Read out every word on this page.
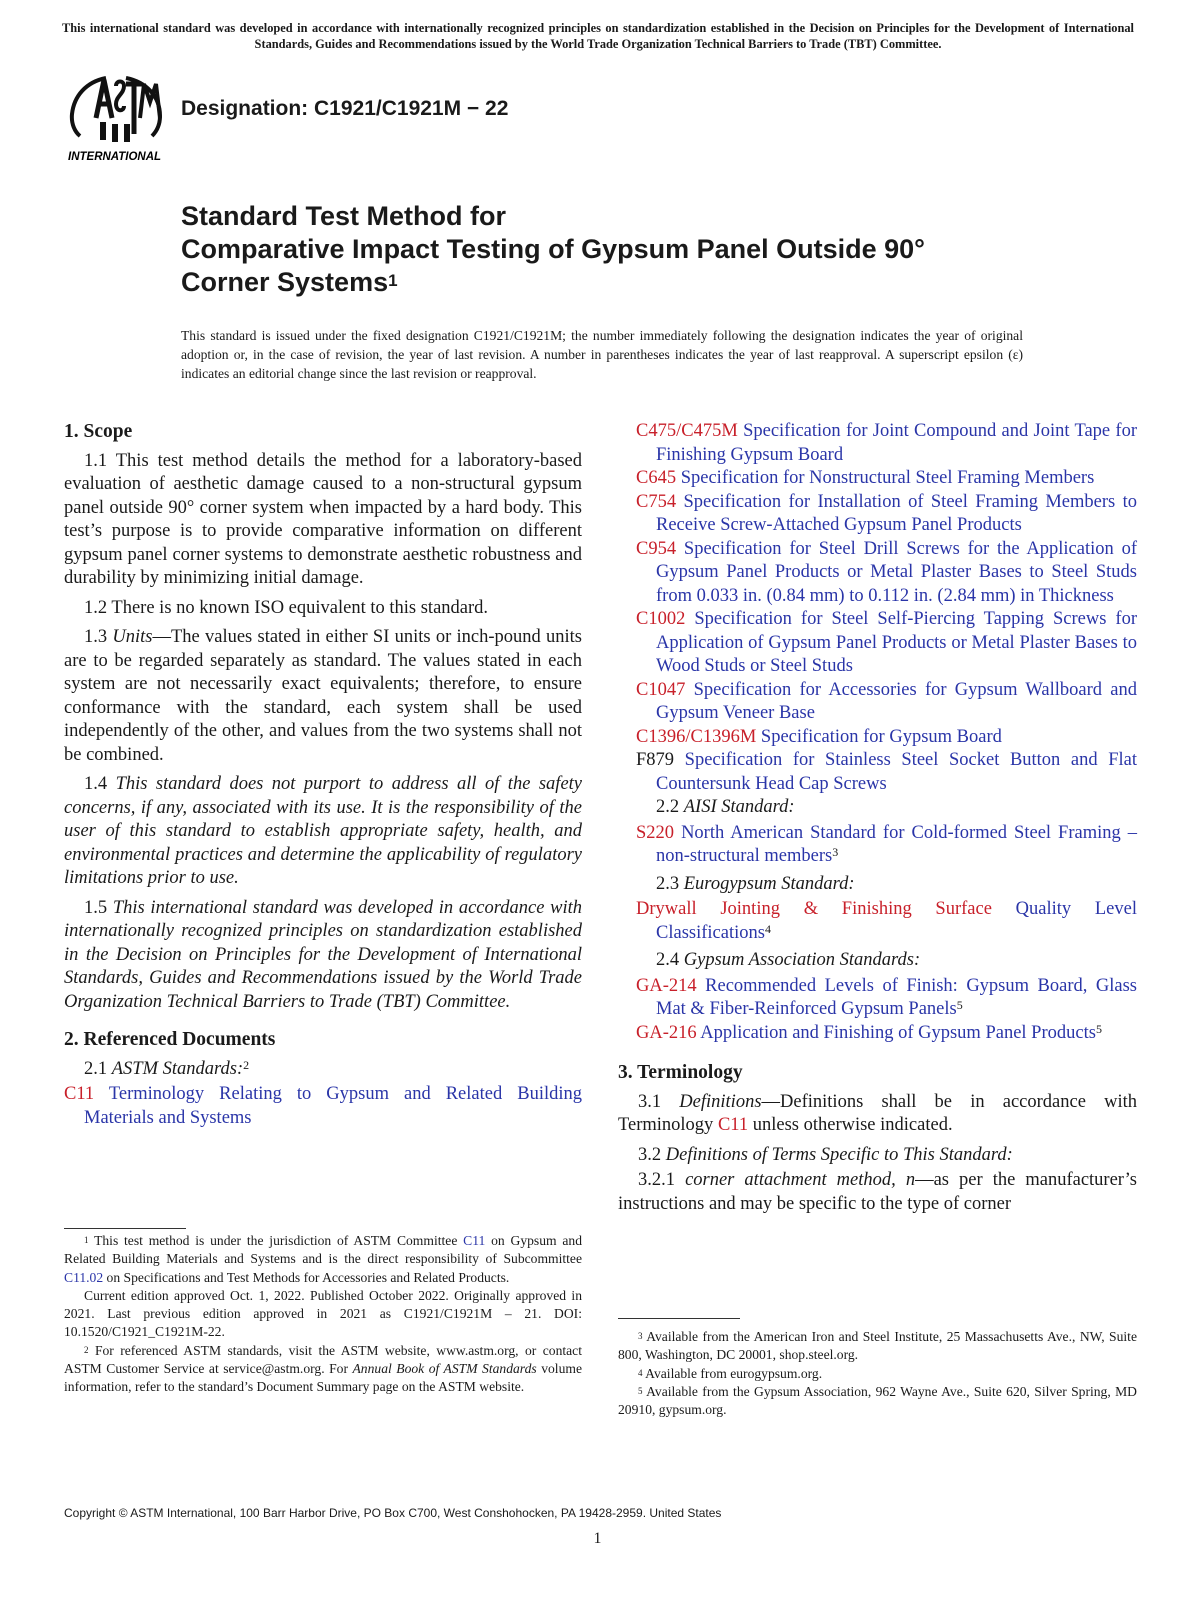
This international standard was developed in accordance with internationally recognized principles on standardization established in the Decision on Principles for the Development of International Standards, Guides and Recommendations issued by the World Trade Organization Technical Barriers to Trade (TBT) Committee.
INTERNATIONAL
Designation: C1921/C1921M − 22
Standard Test Method for
Comparative Impact Testing of Gypsum Panel Outside 90°
Corner Systems$^1$
This standard is issued under the fixed designation C1921/C1921M; the number immediately following the designation indicates the year of original adoption or, in the case of revision, the year of last revision. A number in parentheses indicates the year of last reapproval. A superscript epsilon (ε) indicates an editorial change since the last revision or reapproval.
1. Scope

1.1 This test method details the method for a laboratory-based evaluation of aesthetic damage caused to a non-structural gypsum panel outside 90° corner system when impacted by a hard body. This test’s purpose is to provide comparative information on different gypsum panel corner systems to demonstrate aesthetic robustness and durability by minimizing initial damage.

1.2 There is no known ISO equivalent to this standard.

1.3 Units—The values stated in either SI units or inch-pound units are to be regarded separately as standard. The values stated in each system are not necessarily exact equivalents; therefore, to ensure conformance with the standard, each system shall be used independently of the other, and values from the two systems shall not be combined.

1.4 This standard does not purport to address all of the safety concerns, if any, associated with its use. It is the responsibility of the user of this standard to establish appropriate safety, health, and environmental practices and determine the applicability of regulatory limitations prior to use.

1.5 This international standard was developed in accordance with internationally recognized principles on standardization established in the Decision on Principles for the Development of International Standards, Guides and Recommendations issued by the World Trade Organization Technical Barriers to Trade (TBT) Committee.

2. Referenced Documents

2.1 ASTM Standards:$^2$

C11 Terminology Relating to Gypsum and Related Building Materials and Systems
C475/C475M Specification for Joint Compound and Joint Tape for Finishing Gypsum Board
C645 Specification for Nonstructural Steel Framing Members
C754 Specification for Installation of Steel Framing Members to Receive Screw-Attached Gypsum Panel Products
C954 Specification for Steel Drill Screws for the Application of Gypsum Panel Products or Metal Plaster Bases to Steel Studs from 0.033 in. (0.84 mm) to 0.112 in. (2.84 mm) in Thickness
C1002 Specification for Steel Self-Piercing Tapping Screws for Application of Gypsum Panel Products or Metal Plaster Bases to Wood Studs or Steel Studs
C1047 Specification for Accessories for Gypsum Wallboard and Gypsum Veneer Base
C1396/C1396M Specification for Gypsum Board
F879 Specification for Stainless Steel Socket Button and Flat Countersunk Head Cap Screws

2.2 AISI Standard:

S220 North American Standard for Cold-formed Steel Framing – non-structural members$^3$

2.3 Eurogypsum Standard:

Drywall Jointing & Finishing Surface Quality Level Classifications$^4$

2.4 Gypsum Association Standards:

GA-214 Recommended Levels of Finish: Gypsum Board, Glass Mat & Fiber-Reinforced Gypsum Panels$^5$
GA-216 Application and Finishing of Gypsum Panel Products$^5$
3. Terminology

3.1 Definitions—Definitions shall be in accordance with Terminology C11 unless otherwise indicated.

3.2 Definitions of Terms Specific to This Standard:

3.2.1 corner attachment method, n—as per the manufacturer’s instructions and may be specific to the type of corner

$^1$ This test method is under the jurisdiction of ASTM Committee C11 on Gypsum and Related Building Materials and Systems and is the direct responsibility of Subcommittee C11.02 on Specifications and Test Methods for Accessories and Related Products.

Current edition approved Oct. 1, 2022. Published October 2022. Originally approved in 2021. Last previous edition approved in 2021 as C1921/C1921M – 21. DOI: 10.1520/C1921_C1921M-22.

$^2$ For referenced ASTM standards, visit the ASTM website, www.astm.org, or contact ASTM Customer Service at service@astm.org. For Annual Book of ASTM Standards volume information, refer to the standard’s Document Summary page on the ASTM website.

$^3$ Available from the American Iron and Steel Institute, 25 Massachusetts Ave., NW, Suite 800, Washington, DC 20001, shop.steel.org.

$^4$ Available from eurogypsum.org.

$^5$ Available from the Gypsum Association, 962 Wayne Ave., Suite 620, Silver Spring, MD 20910, gypsum.org.

Copyright © ASTM International, 100 Barr Harbor Drive, PO Box C700, West Conshohocken, PA 19428-2959. United States
1
